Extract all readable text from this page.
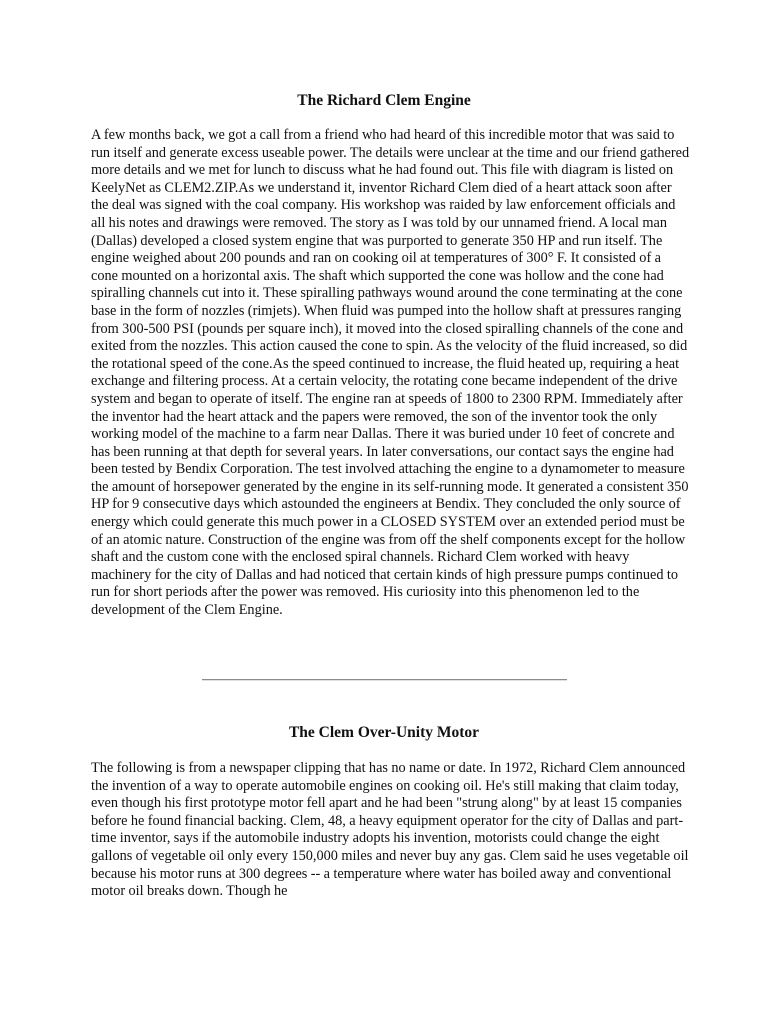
The Richard Clem Engine

A few months back, we got a call from a friend who had heard of this incredible motor that was said to run itself and generate excess useable power. The details were unclear at the time and our friend gathered more details and we met for lunch to discuss what he had found out. This file with diagram is listed on KeelyNet as CLEM2.ZIP.As we understand it, inventor Richard Clem died of a heart attack soon after the deal was signed with the coal company. His workshop was raided by law enforcement officials and all his notes and drawings were removed. The story as I was told by our unnamed friend. A local man (Dallas) developed a closed system engine that was purported to generate 350 HP and run itself. The engine weighed about 200 pounds and ran on cooking oil at temperatures of 300° F. It consisted of a cone mounted on a horizontal axis. The shaft which supported the cone was hollow and the cone had spiralling channels cut into it. These spiralling pathways wound around the cone terminating at the cone base in the form of nozzles (rimjets). When fluid was pumped into the hollow shaft at pressures ranging from 300-500 PSI (pounds per square inch), it moved into the closed spiralling channels of the cone and exited from the nozzles. This action caused the cone to spin. As the velocity of the fluid increased, so did the rotational speed of the cone.As the speed continued to increase, the fluid heated up, requiring a heat exchange and filtering process. At a certain velocity, the rotating cone became independent of the drive system and began to operate of itself. The engine ran at speeds of 1800 to 2300 RPM. Immediately after the inventor had the heart attack and the papers were removed, the son of the inventor took the only working model of the machine to a farm near Dallas. There it was buried under 10 feet of concrete and has been running at that depth for several years. In later conversations, our contact says the engine had been tested by Bendix Corporation. The test involved attaching the engine to a dynamometer to measure the amount of horsepower generated by the engine in its self-running mode. It generated a consistent 350 HP for 9 consecutive days which astounded the engineers at Bendix. They concluded the only source of energy which could generate this much power in a CLOSED SYSTEM over an extended period must be of an atomic nature. Construction of the engine was from off the shelf components except for the hollow shaft and the custom cone with the enclosed spiral channels. Richard Clem worked with heavy machinery for the city of Dallas and had noticed that certain kinds of high pressure pumps continued to run for short periods after the power was removed. His curiosity into this phenomenon led to the development of the Clem Engine.

The Clem Over-Unity Motor

The following is from a newspaper clipping that has no name or date. In 1972, Richard Clem announced the invention of a way to operate automobile engines on cooking oil. He's still making that claim today, even though his first prototype motor fell apart and he had been "strung along" by at least 15 companies before he found financial backing. Clem, 48, a heavy equipment operator for the city of Dallas and part-time inventor, says if the automobile industry adopts his invention, motorists could change the eight gallons of vegetable oil only every 150,000 miles and never buy any gas. Clem said he uses vegetable oil because his motor runs at 300 degrees -- a temperature where water has boiled away and conventional motor oil breaks down. Though he
